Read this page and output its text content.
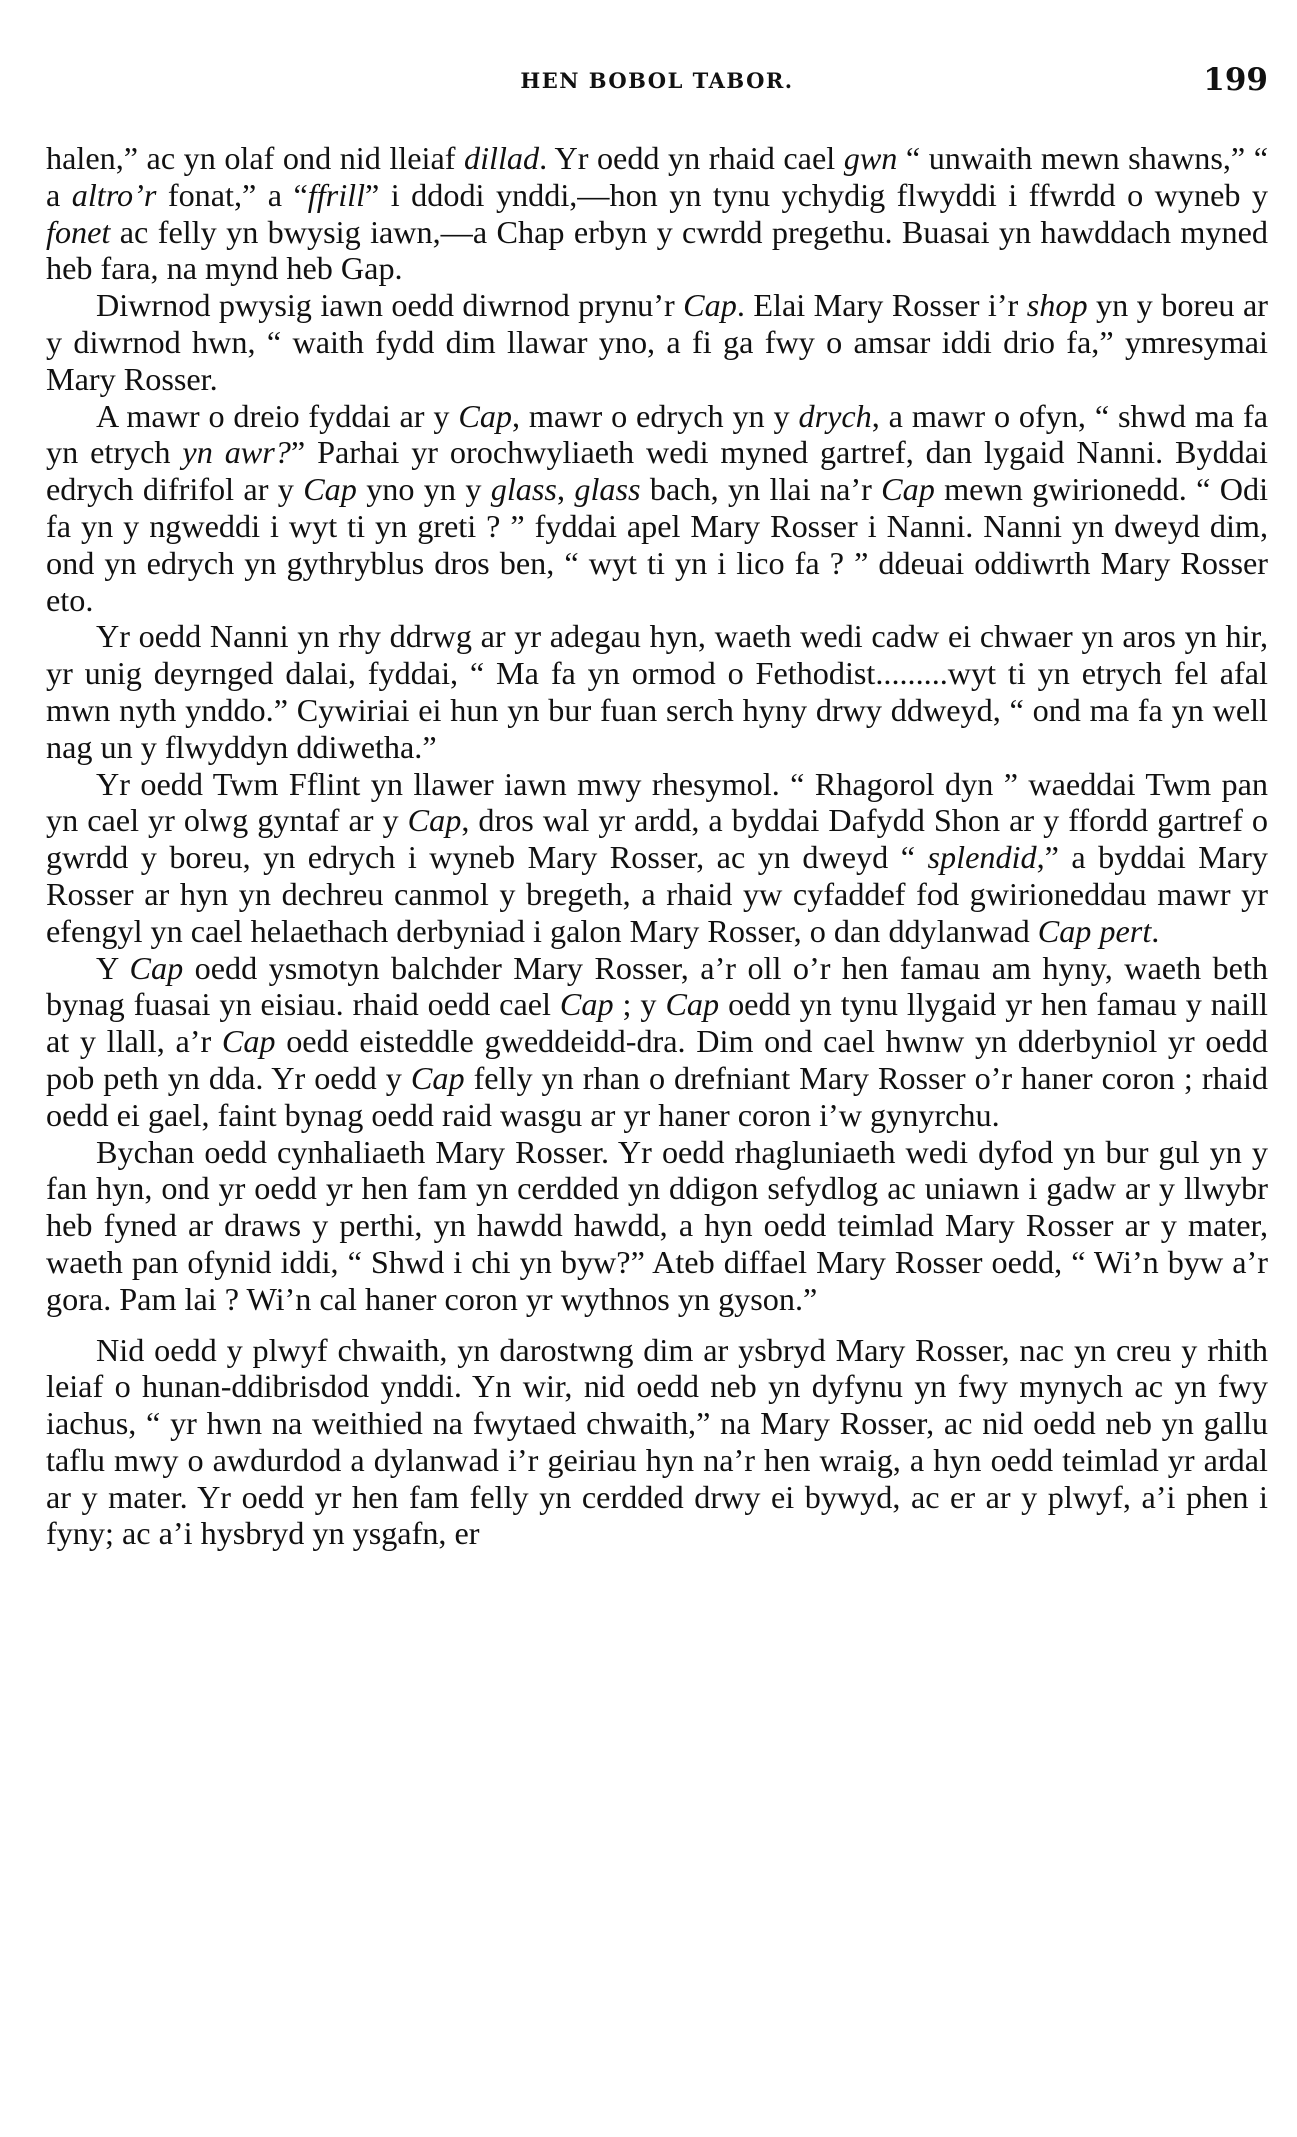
HEN BOBOL TABOR.	199

halen,” ac yn olaf ond nid lleiaf dillad. Yr oedd yn rhaid cael gwn “ unwaith mewn shawns,” “ a altro’r fonat,” a “ffrill” i ddodi ynddi,—hon yn tynu ychydig flwyddi i ffwrdd o wyneb y fonet ac felly yn bwysig iawn,—a Chap erbyn y cwrdd pregethu. Buasai yn hawddach myned heb fara, na mynd heb Gap.

Diwrnod pwysig iawn oedd diwrnod prynu’r Cap. Elai Mary Rosser i’r shop yn y boreu ar y diwrnod hwn, “ waith fydd dim llawar yno, a fi ga fwy o amsar iddi drio fa,” ymresymai Mary Rosser.

A mawr o dreio fyddai ar y Cap, mawr o edrych yn y drych, a mawr o ofyn, “ shwd ma fa yn etrych yn awr?” Parhai yr orochwyliaeth wedi myned gartref, dan lygaid Nanni. Byddai edrych difrifol ar y Cap yno yn y glass, glass bach, yn llai na’r Cap mewn gwirionedd. “ Odi fa yn y ngweddi i wyt ti yn greti ? ” fyddai apel Mary Rosser i Nanni. Nanni yn dweyd dim, ond yn edrych yn gythryblus dros ben, “ wyt ti yn i lico fa ? ” ddeuai oddiwrth Mary Rosser eto.

Yr oedd Nanni yn rhy ddrwg ar yr adegau hyn, waeth wedi cadw ei chwaer yn aros yn hir, yr unig deyrnged dalai, fyddai, “ Ma fa yn ormod o Fethodist.........wyt ti yn etrych fel afal mwn nyth ynddo.” Cywiriai ei hun yn bur fuan serch hyny drwy ddweyd, “ ond ma fa yn well nag un y flwyddyn ddiwetha.”

Yr oedd Twm Fflint yn llawer iawn mwy rhesymol. “ Rhagorol dyn ” waeddai Twm pan yn cael yr olwg gyntaf ar y Cap, dros wal yr ardd, a byddai Dafydd Shon ar y ffordd gartref o gwrdd y boreu, yn edrych i wyneb Mary Rosser, ac yn dweyd “ splendid,” a byddai Mary Rosser ar hyn yn dechreu canmol y bregeth, a rhaid yw cyfaddef fod gwirioneddau mawr yr efengyl yn cael helaethach derbyniad i galon Mary Rosser, o dan ddylanwad Cap pert.

Y Cap oedd ysmotyn balchder Mary Rosser, a’r oll o’r hen famau am hyny, waeth beth bynag fuasai yn eisiau. rhaid oedd cael Cap ; y Cap oedd yn tynu llygaid yr hen famau y naill at y llall, a’r Cap oedd eisteddle gweddeidd-dra. Dim ond cael hwnw yn dderbyniol yr oedd pob peth yn dda. Yr oedd y Cap felly yn rhan o drefniant Mary Rosser o’r haner coron ; rhaid oedd ei gael, faint bynag oedd raid wasgu ar yr haner coron i’w gynyrchu.

Bychan oedd cynhaliaeth Mary Rosser. Yr oedd rhagluniaeth wedi dyfod yn bur gul yn y fan hyn, ond yr oedd yr hen fam yn cerdded yn ddigon sefydlog ac uniawn i gadw ar y llwybr heb fyned ar draws y perthi, yn hawdd hawdd, a hyn oedd teimlad Mary Rosser ar y mater, waeth pan ofynid iddi, “ Shwd i chi yn byw?” Ateb diffael Mary Rosser oedd, “ Wi’n byw a’r gora. Pam lai ? Wi’n cal haner coron yr wythnos yn gyson.”

Nid oedd y plwyf chwaith, yn darostwng dim ar ysbryd Mary Rosser, nac yn creu y rhith leiaf o hunan-ddibrisdod ynddi. Yn wir, nid oedd neb yn dyfynu yn fwy mynych ac yn fwy iachus, “ yr hwn na weithied na fwytaed chwaith,” na Mary Rosser, ac nid oedd neb yn gallu taflu mwy o awdurdod a dylanwad i’r geiriau hyn na’r hen wraig, a hyn oedd teimlad yr ardal ar y mater. Yr oedd yr hen fam felly yn cerdded drwy ei bywyd, ac er ar y plwyf, a’i phen i fyny; ac a’i hysbryd yn ysgafn, er
